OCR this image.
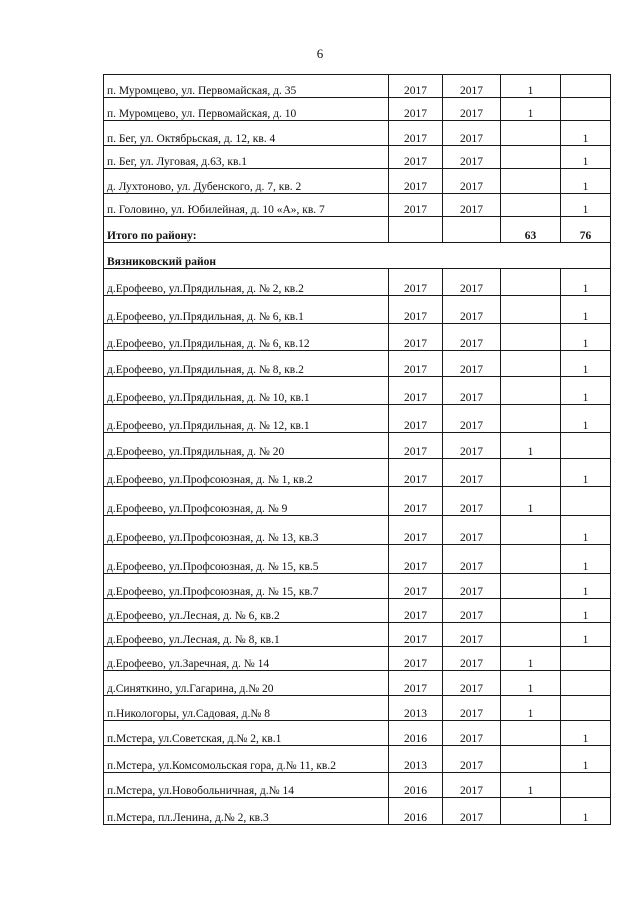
6
п. Муромцево, ул. Первомайская, д. 35	2017	2017	1	
п. Муромцево, ул. Первомайская, д. 10	2017	2017	1	
п. Бег, ул. Октябрьская, д. 12, кв. 4	2017	2017		1
п. Бег, ул. Луговая, д.63, кв.1	2017	2017		1
д. Лухтоново, ул. Дубенского, д. 7, кв. 2	2017	2017		1
п. Головино, ул. Юбилейная, д. 10 «А», кв. 7	2017	2017		1
Итого по району:			63	76
Вязниковский район				
д.Ерофеево, ул.Прядильная, д. № 2, кв.2	2017	2017		1
д.Ерофеево, ул.Прядильная, д. № 6, кв.1	2017	2017		1
д.Ерофеево, ул.Прядильная, д. № 6, кв.12	2017	2017		1
д.Ерофеево, ул.Прядильная, д. № 8, кв.2	2017	2017		1
д.Ерофеево, ул.Прядильная, д. № 10, кв.1	2017	2017		1
д.Ерофеево, ул.Прядильная, д. № 12, кв.1	2017	2017		1
д.Ерофеево, ул.Прядильная, д. № 20	2017	2017	1	
д.Ерофеево, ул.Профсоюзная, д. № 1, кв.2	2017	2017		1
д.Ерофеево, ул.Профсоюзная, д. № 9	2017	2017	1	
д.Ерофеево, ул.Профсоюзная, д. № 13, кв.3	2017	2017		1
д.Ерофеево, ул.Профсоюзная, д. № 15, кв.5	2017	2017		1
д.Ерофеево, ул.Профсоюзная, д. № 15, кв.7	2017	2017		1
д.Ерофеево, ул.Лесная, д. № 6, кв.2	2017	2017		1
д.Ерофеево, ул.Лесная, д. № 8, кв.1	2017	2017		1
д.Ерофеево, ул.Заречная, д. № 14	2017	2017	1	
д.Синяткино, ул.Гагарина, д.№ 20	2017	2017	1	
п.Никологоры, ул.Садовая, д.№ 8	2013	2017	1	
п.Мстера, ул.Советская, д.№ 2, кв.1	2016	2017		1
п.Мстера, ул.Комсомольская гора, д.№ 11, кв.2	2013	2017		1
п.Мстера, ул.Новобольничная, д.№ 14	2016	2017	1	
п.Мстера, пл.Ленина, д.№ 2, кв.3	2016	2017		1
